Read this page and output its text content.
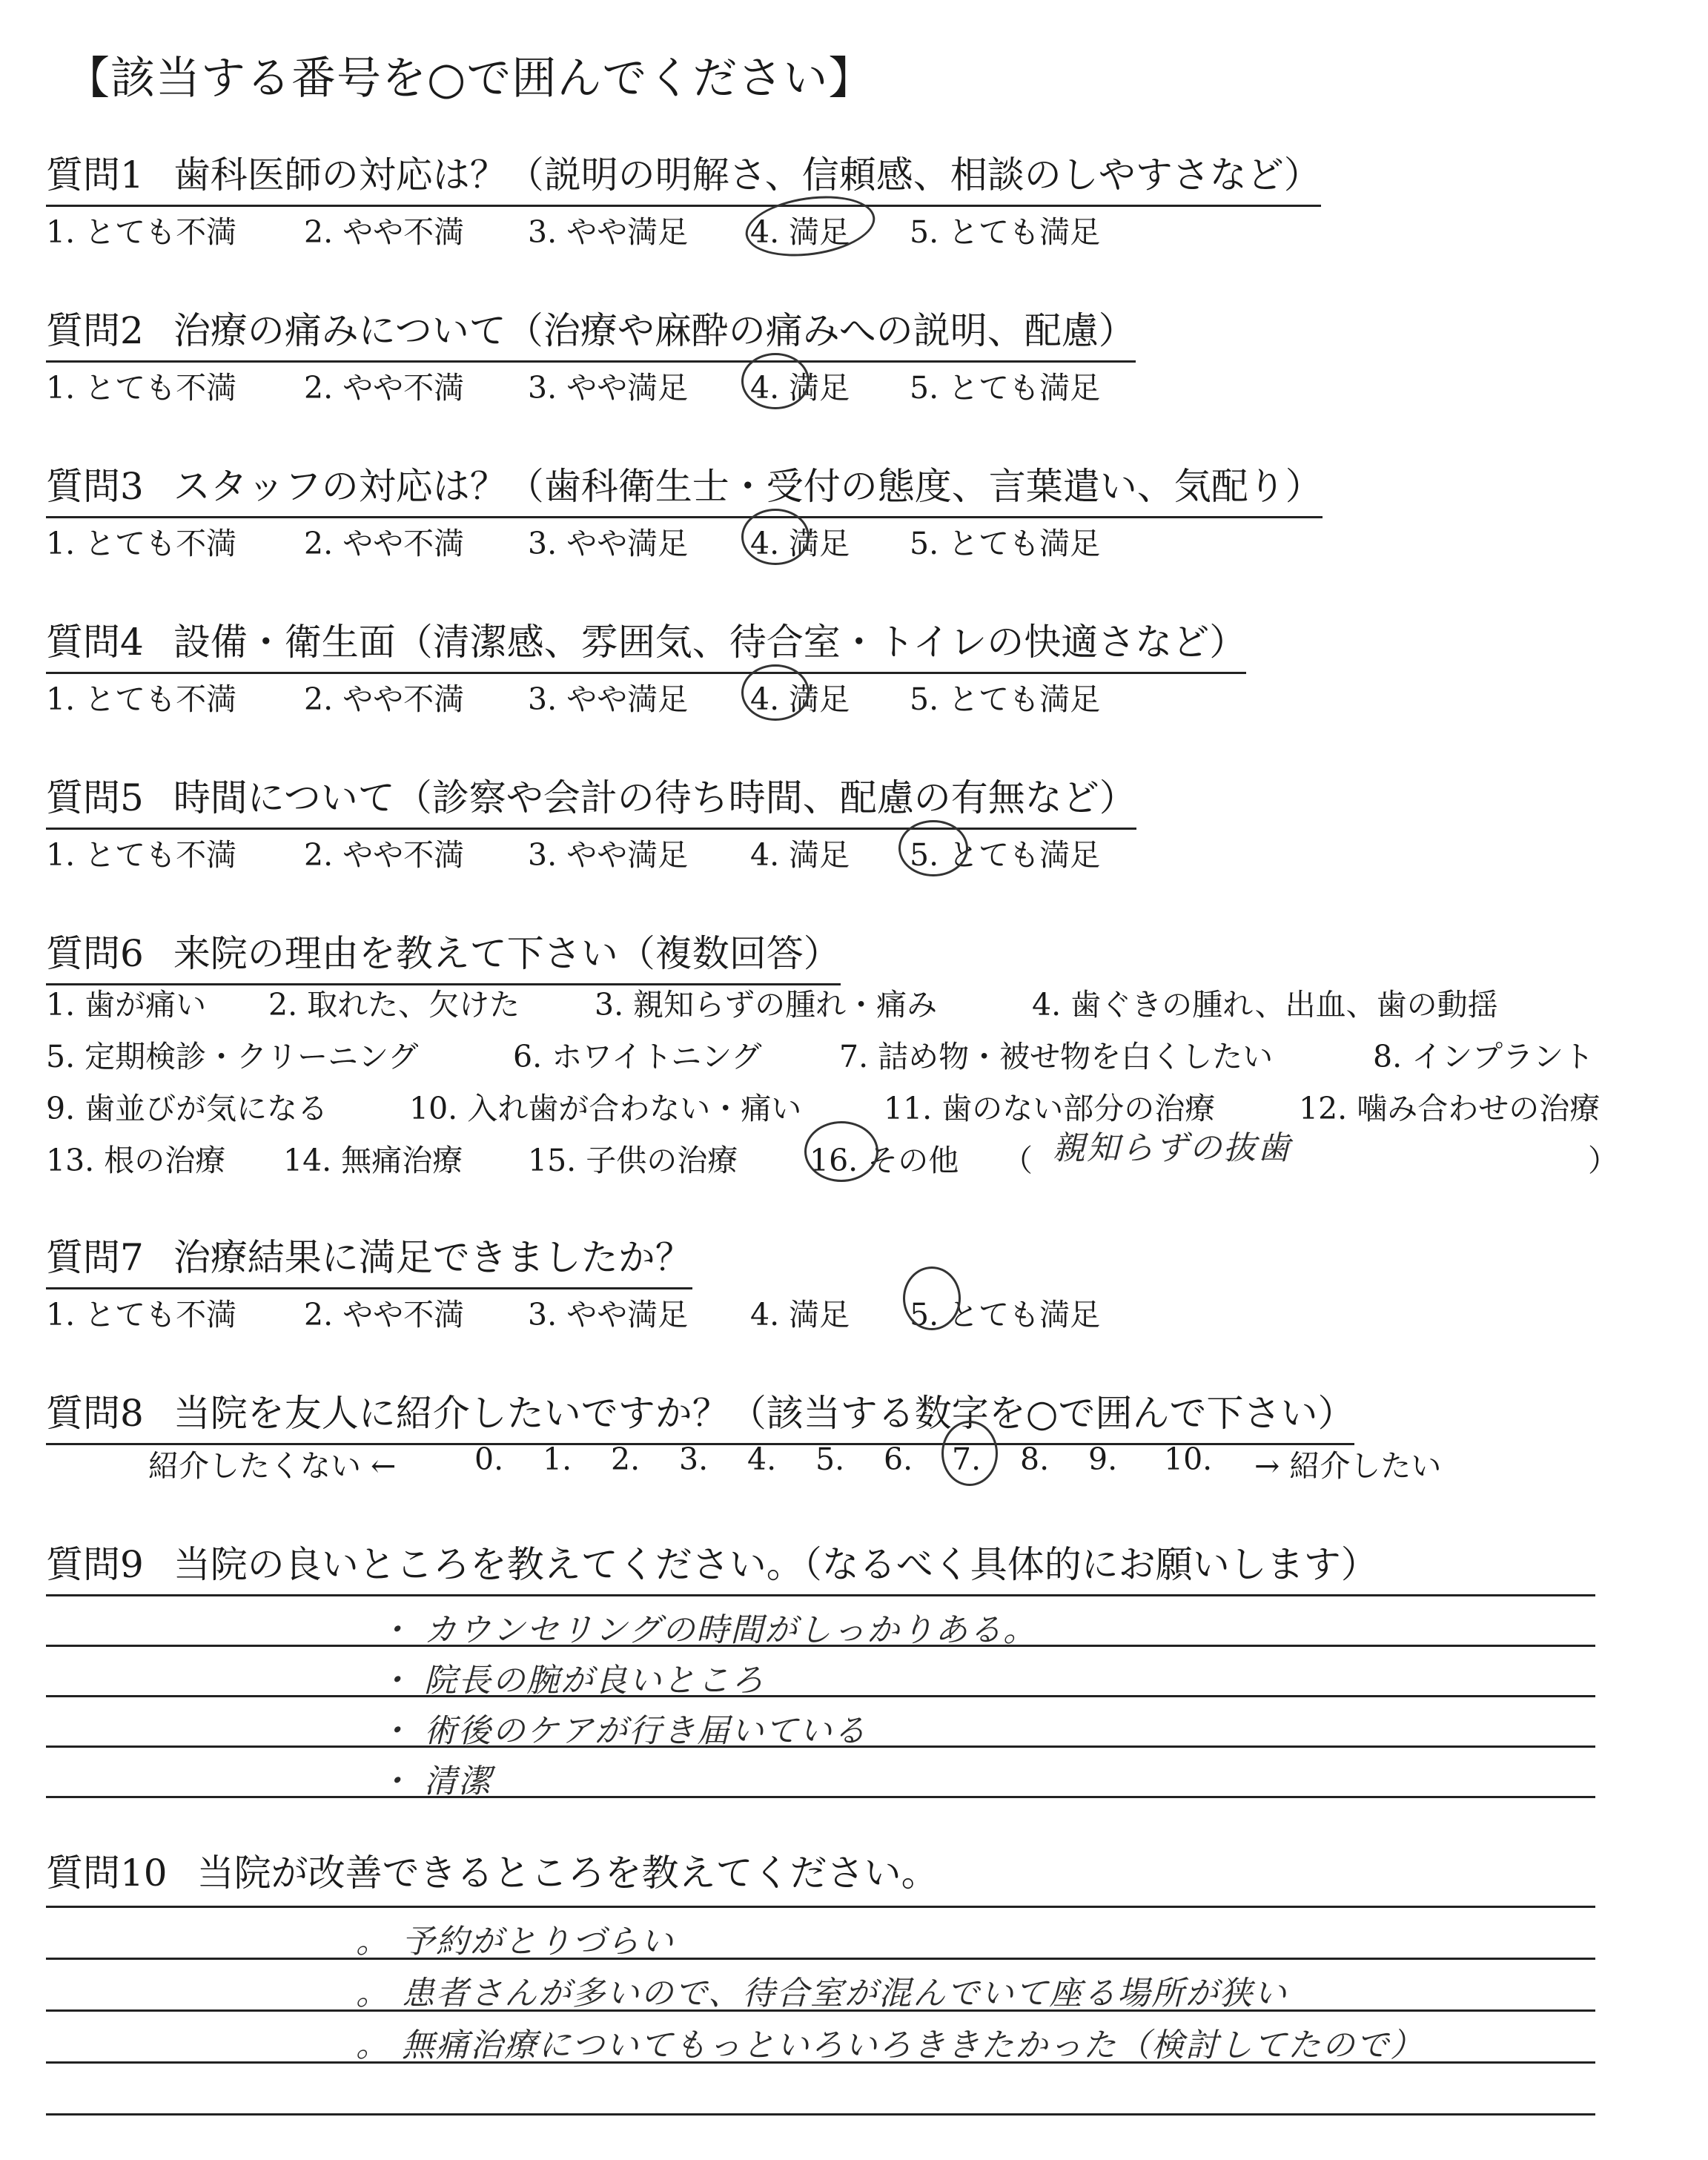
【該当する番号を○で囲んでください】
質問1 歯科医師の対応は？（説明の明解さ、信頼感、相談のしやすさなど）
1. とても不満 2. やや不満 3. やや満足 4. 満足 5. とても満足
質問2 治療の痛みについて（治療や麻酔の痛みへの説明、配慮）
1. とても不満 2. やや不満 3. やや満足 4. 満足 5. とても満足
質問3 スタッフの対応は？（歯科衛生士・受付の態度、言葉遣い、気配り）
1. とても不満 2. やや不満 3. やや満足 4. 満足 5. とても満足
質問4 設備・衛生面（清潔感、雰囲気、待合室・トイレの快適さなど）
1. とても不満 2. やや不満 3. やや満足 4. 満足 5. とても満足
質問5 時間について（診察や会計の待ち時間、配慮の有無など）
1. とても不満 2. やや不満 3. やや満足 4. 満足 5. とても満足
質問6 来院の理由を教えて下さい（複数回答）
1. 歯が痛い 2. 取れた、欠けた 3. 親知らずの腫れ・痛み	4. 歯ぐきの腫れ、出血、歯の動揺
5. 定期検診・クリーニング	6. ホワイトニング	7. 詰め物・被せ物を白くしたい	8. インプラント
9. 歯並びが気になる	10. 入れ歯が合わない・痛い	11. 歯のない部分の治療	12. 噛み合わせの治療
13. 根の治療 14. 無痛治療 15. 子供の治療 16. その他 （	）
親知らずの抜歯
質問7 治療結果に満足できましたか？
1. とても不満 2. やや不満 3. やや満足 4. 満足 5. とても満足
質問8 当院を友人に紹介したいですか？（該当する数字を○で囲んで下さい）
紹介したくない ←	0. 1. 2. 3. 4. 5. 6. 7. 8. 9. 10. → 紹介したい
質問9 当院の良いところを教えてください。（なるべく具体的にお願いします）
・ カウンセリングの時間がしっかりある。
・ 院長の腕が良いところ
・ 術後のケアが行き届いている
・ 清潔
質問10 当院が改善できるところを教えてください。
。 予約がとりづらい
。 患者さんが多いので、待合室が混んでいて座る場所が狭い
。 無痛治療についてもっといろいろききたかった（検討してたので）
